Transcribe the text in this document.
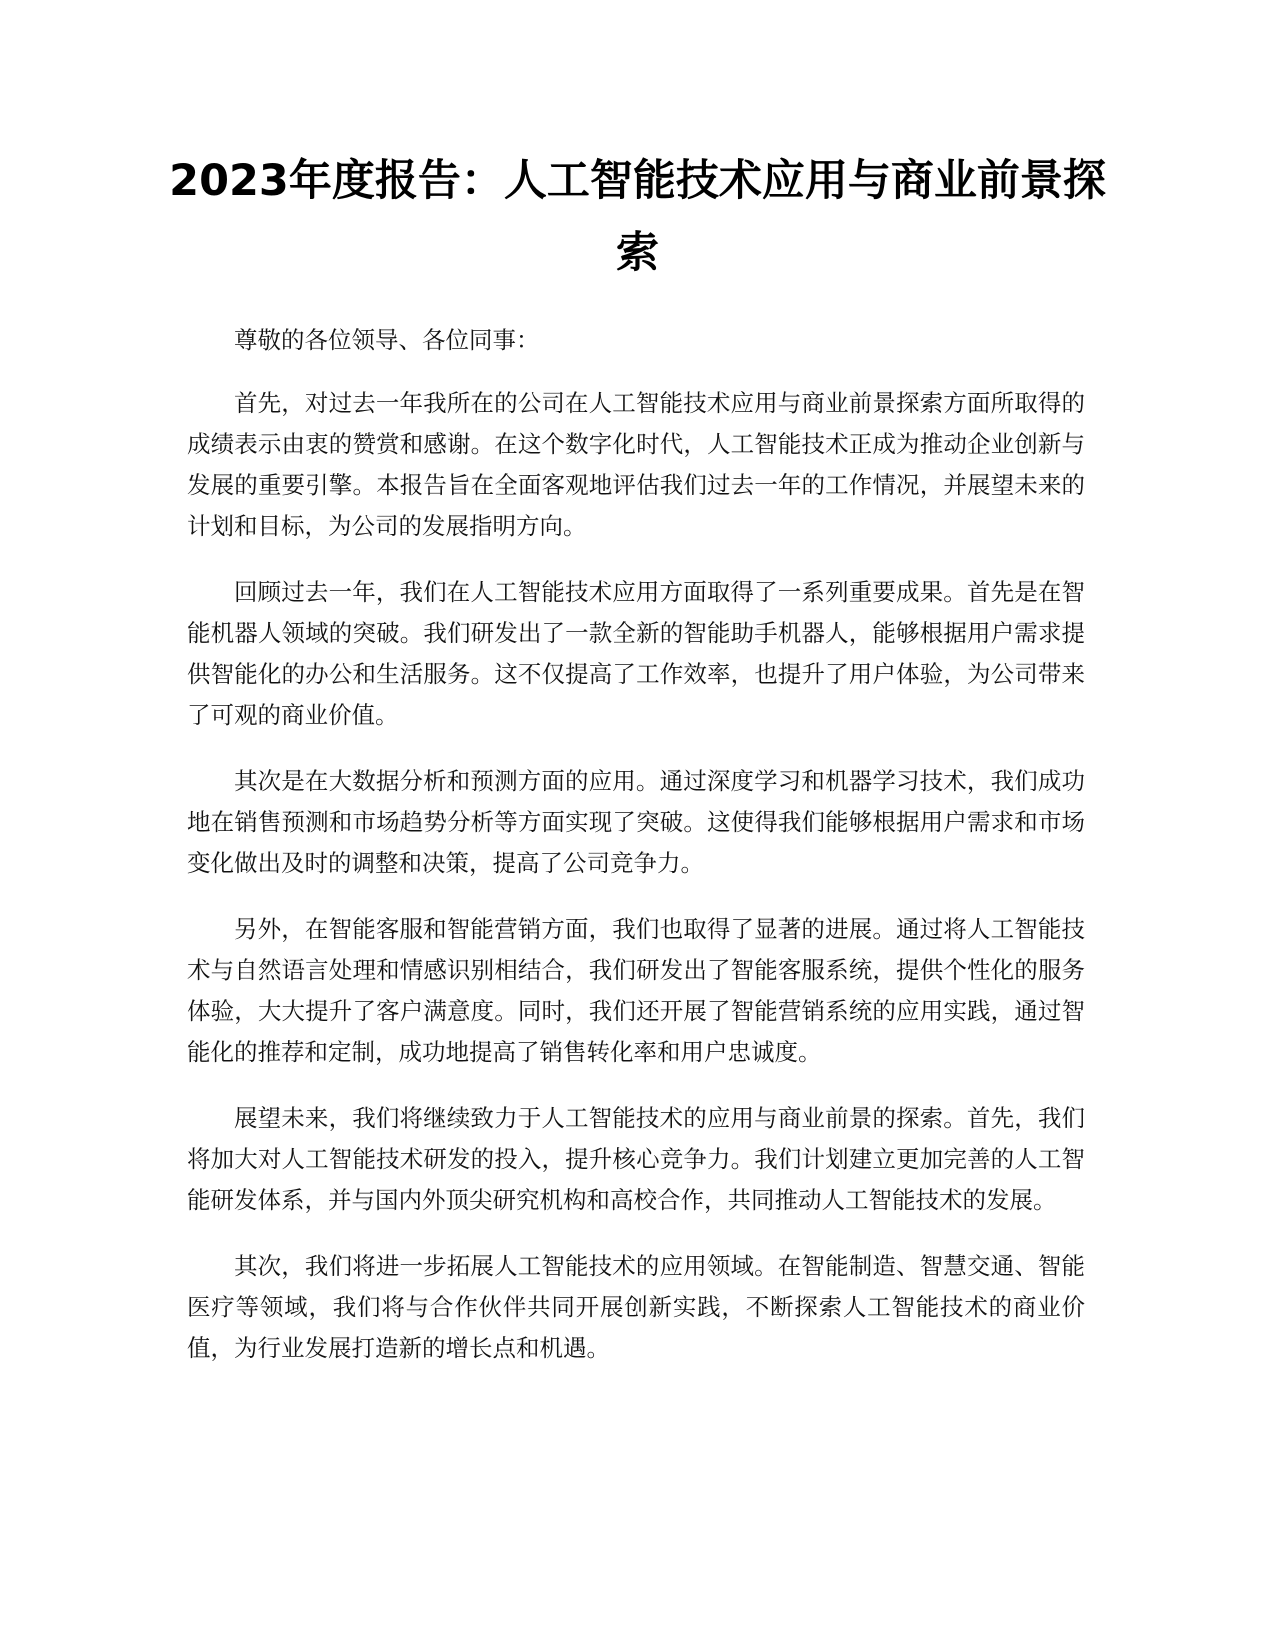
2023年度报告：人工智能技术应用与商业前景探索

尊敬的各位领导、各位同事：

首先，对过去一年我所在的公司在人工智能技术应用与商业前景探索方面所取得的成绩表示由衷的赞赏和感谢。在这个数字化时代，人工智能技术正成为推动企业创新与发展的重要引擎。本报告旨在全面客观地评估我们过去一年的工作情况，并展望未来的计划和目标，为公司的发展指明方向。

回顾过去一年，我们在人工智能技术应用方面取得了一系列重要成果。首先是在智能机器人领域的突破。我们研发出了一款全新的智能助手机器人，能够根据用户需求提供智能化的办公和生活服务。这不仅提高了工作效率，也提升了用户体验，为公司带来了可观的商业价值。

其次是在大数据分析和预测方面的应用。通过深度学习和机器学习技术，我们成功地在销售预测和市场趋势分析等方面实现了突破。这使得我们能够根据用户需求和市场变化做出及时的调整和决策，提高了公司竞争力。

另外，在智能客服和智能营销方面，我们也取得了显著的进展。通过将人工智能技术与自然语言处理和情感识别相结合，我们研发出了智能客服系统，提供个性化的服务体验，大大提升了客户满意度。同时，我们还开展了智能营销系统的应用实践，通过智能化的推荐和定制，成功地提高了销售转化率和用户忠诚度。

展望未来，我们将继续致力于人工智能技术的应用与商业前景的探索。首先，我们将加大对人工智能技术研发的投入，提升核心竞争力。我们计划建立更加完善的人工智能研发体系，并与国内外顶尖研究机构和高校合作，共同推动人工智能技术的发展。

其次，我们将进一步拓展人工智能技术的应用领域。在智能制造、智慧交通、智能医疗等领域，我们将与合作伙伴共同开展创新实践，不断探索人工智能技术的商业价值，为行业发展打造新的增长点和机遇。
